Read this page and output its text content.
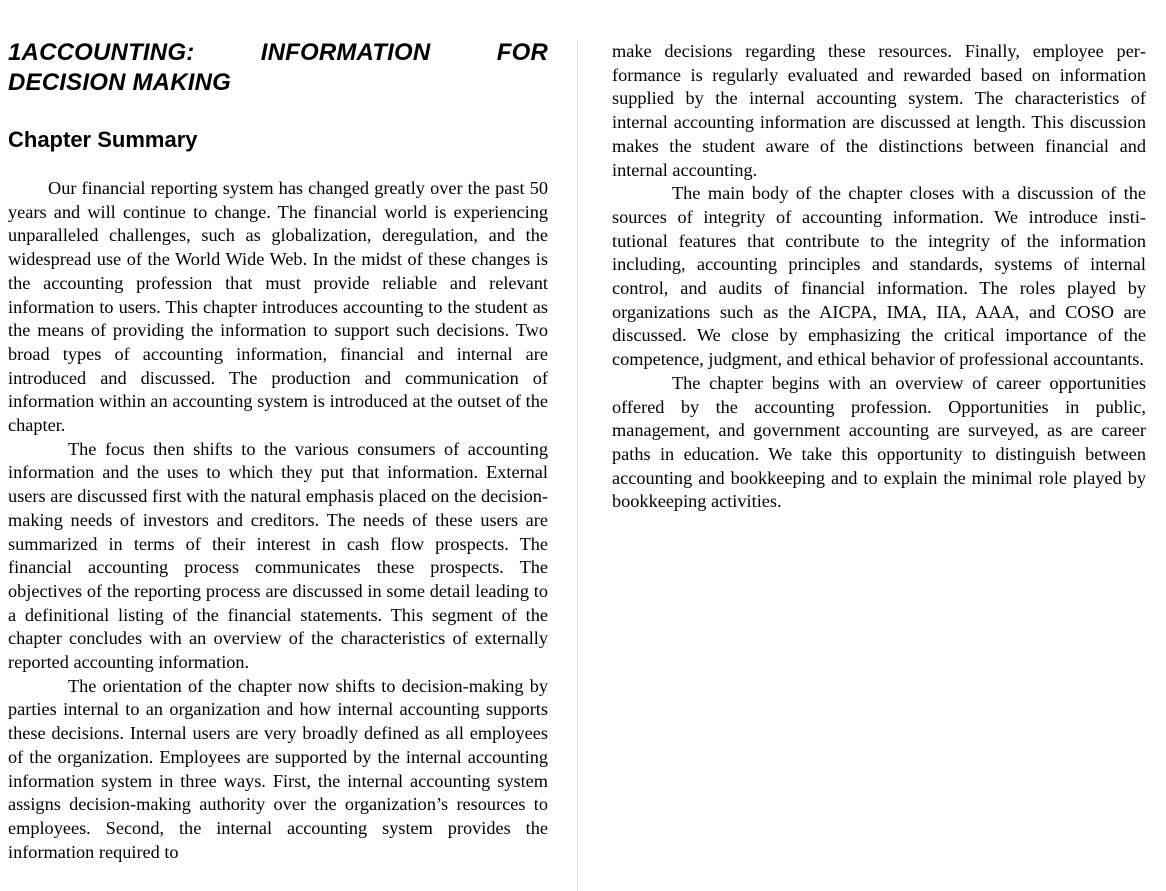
1ACCOUNTING:	INFORMATION	FOR
DECISION MAKING
Chapter Summary

Our financial reporting system has changed greatly over the past 50 years and will continue to change. The financial world is experiencing unparalleled challenges, such as globalization, deregulation, and the widespread use of the World Wide Web. In the midst of these changes is the accounting profession that must provide reliable and relevant information to users. This chapter introduces accounting to the student as the means of providing the information to support such decisions. Two broad types of accounting information, financial and internal are introduced and discussed. The production and communication of information within an accounting system is introduced at the outset of the chapter.

The focus then shifts to the various consumers of accounting information and the uses to which they put that information. External users are discussed first with the natural emphasis placed on the decision-making needs of investors and creditors. The needs of these users are summarized in terms of their interest in cash flow prospects. The financial accounting process communicates these prospects. The objectives of the reporting process are discussed in some detail leading to a definitional listing of the financial statements. This segment of the chapter concludes with an overview of the characteristics of externally reported accounting information.

The orientation of the chapter now shifts to decision-making by parties internal to an organization and how internal accounting supports these decisions. Internal users are very broadly defined as all employees of the organization. Employees are supported by the internal accounting information system in three ways. First, the internal accounting system assigns decision-making authority over the organization’s resources to employees. Second, the internal accounting system provides the information required to

make decisions regarding these resources. Finally, employee performance is regularly evaluated and rewarded based on information supplied by the internal accounting system. The characteristics of internal accounting information are discussed at length. This discussion makes the student aware of the distinctions between financial and internal accounting.

The main body of the chapter closes with a discussion of the sources of integrity of accounting information. We introduce institutional features that contribute to the integrity of the information including, accounting principles and standards, systems of internal control, and audits of financial information. The roles played by organizations such as the AICPA, IMA, IIA, AAA, and COSO are discussed. We close by emphasizing the critical importance of the competence, judgment, and ethical behavior of professional accountants.

The chapter begins with an overview of career opportunities offered by the accounting profession. Opportunities in public, management, and government accounting are surveyed, as are career paths in education. We take this opportunity to distinguish between accounting and bookkeeping and to explain the minimal role played by bookkeeping activities.
